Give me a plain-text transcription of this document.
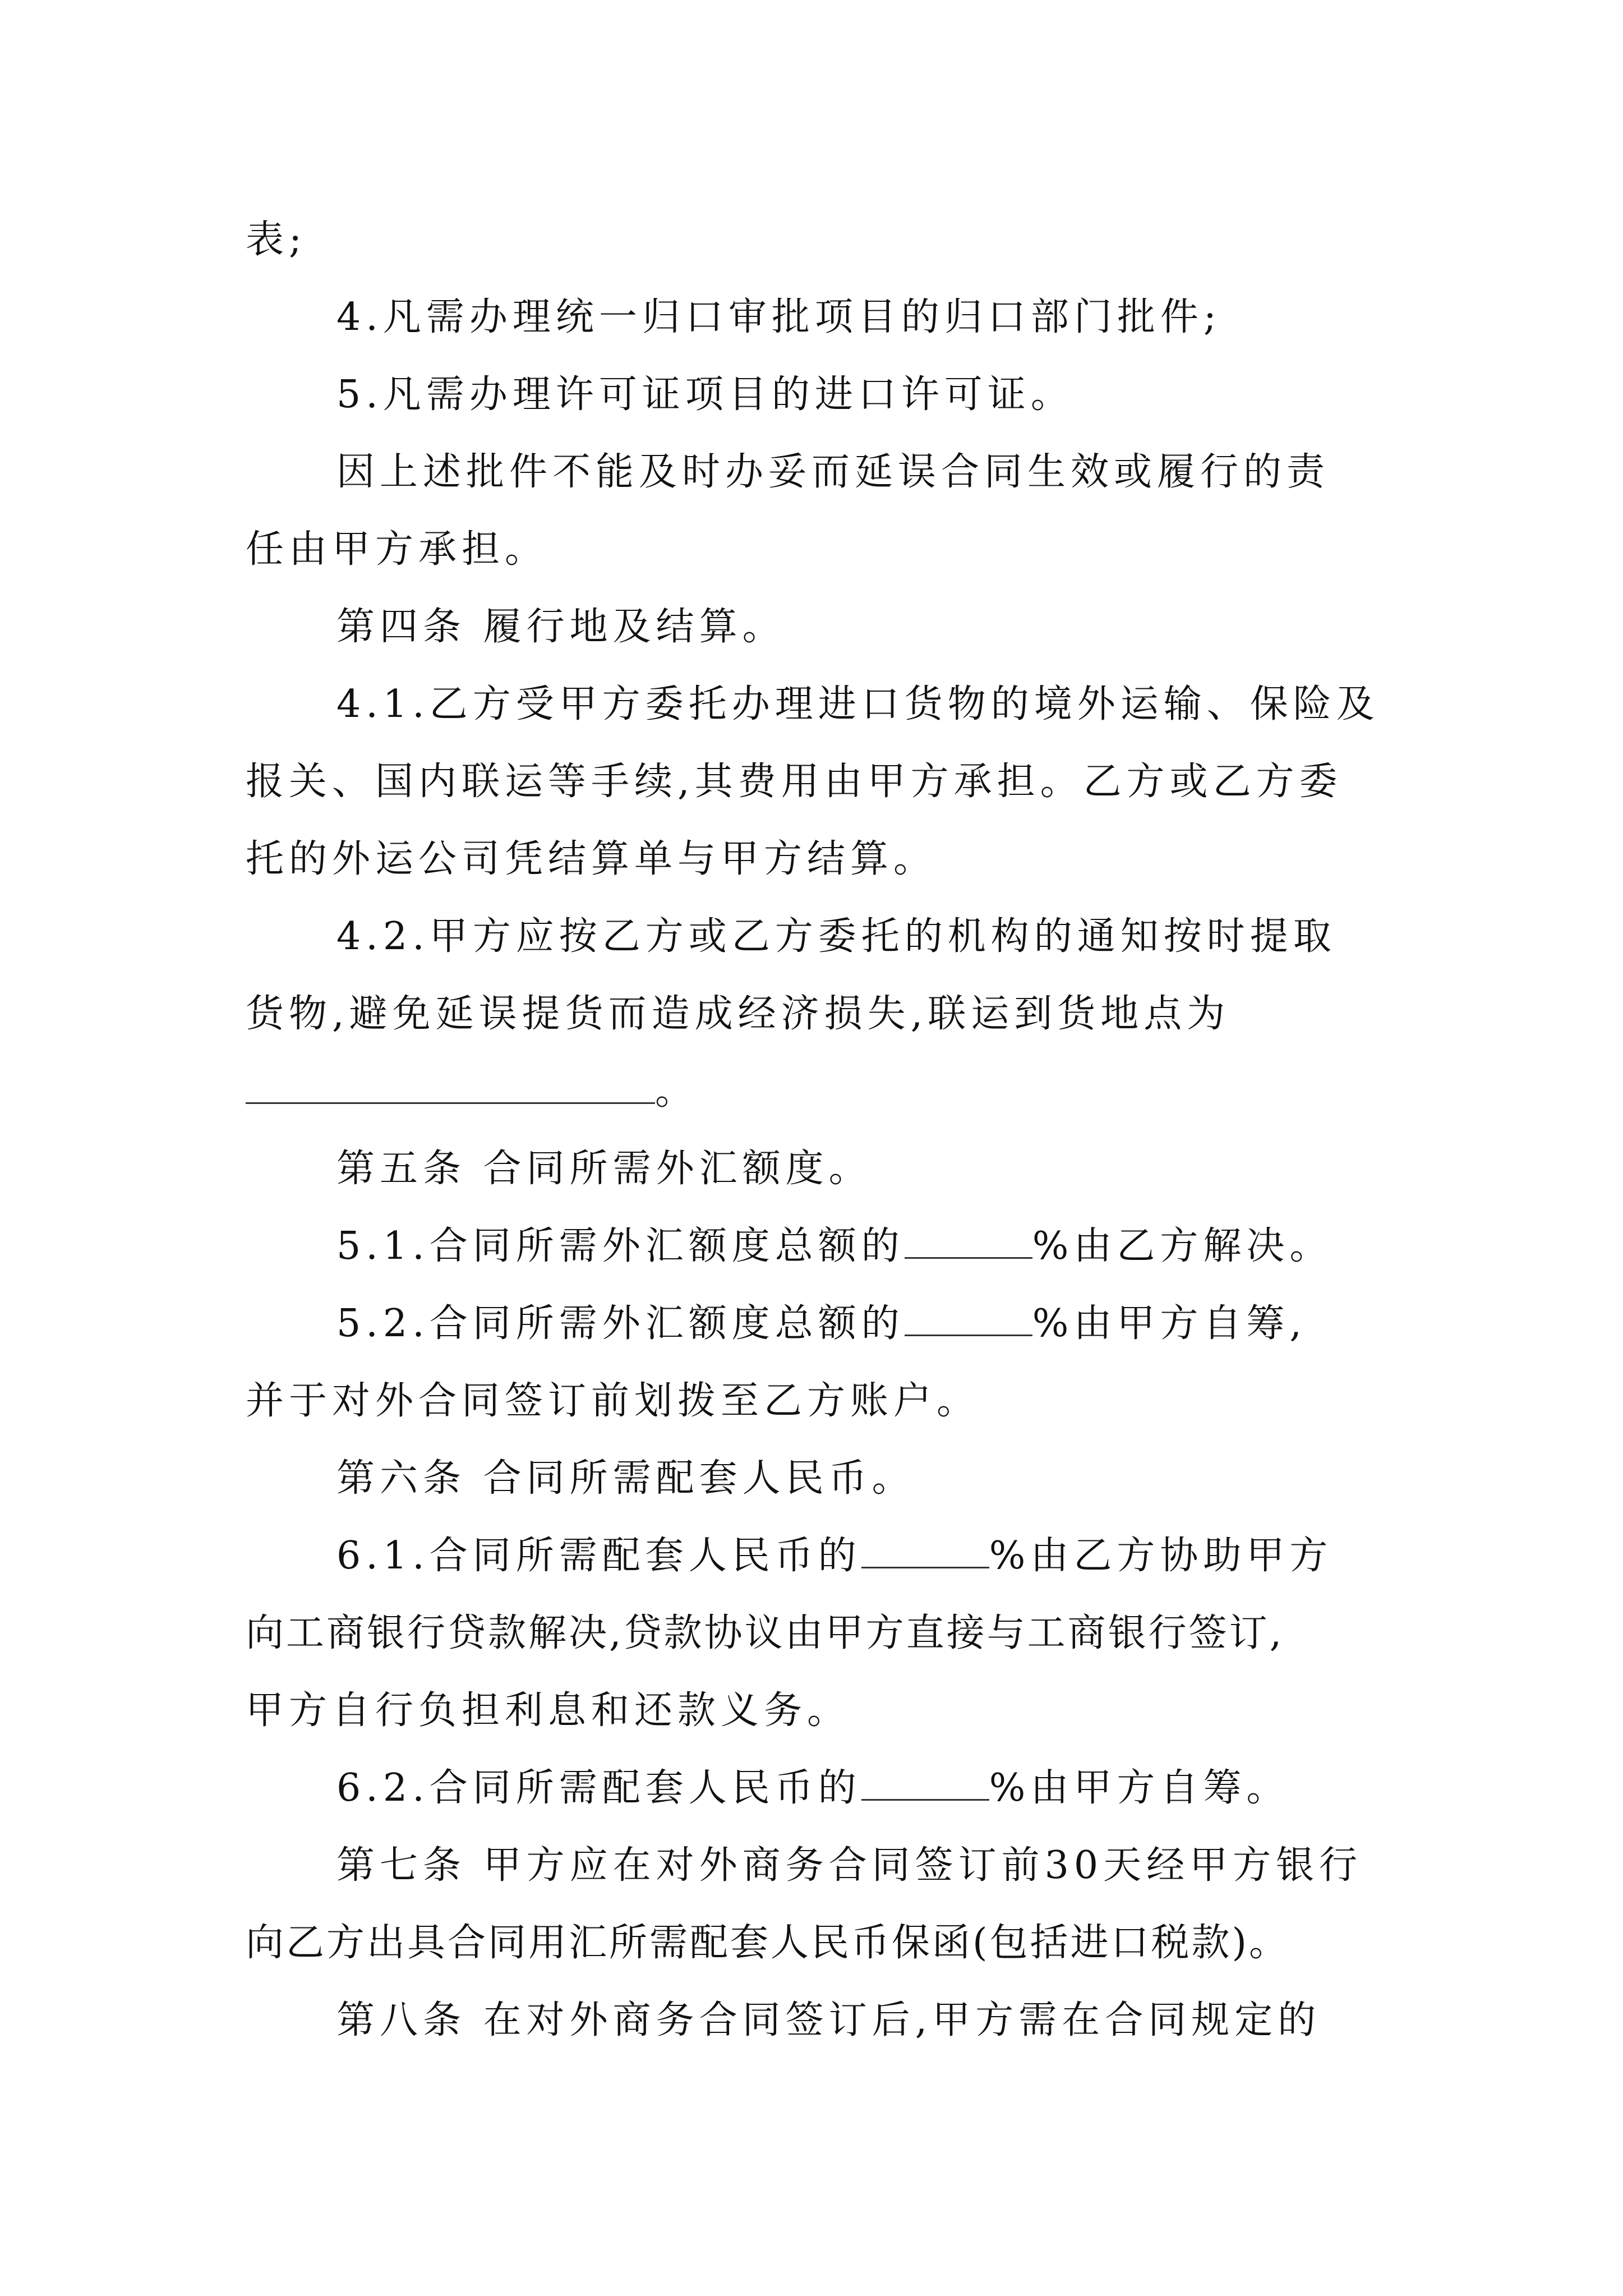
表;

4.凡需办理统一归口审批项目的归口部门批件;

5.凡需办理许可证项目的进口许可证。

因上述批件不能及时办妥而延误合同生效或履行的责

任由甲方承担。

第四条 履行地及结算。

4.1.乙方受甲方委托办理进口货物的境外运输、保险及

报关、国内联运等手续,其费用由甲方承担。乙方或乙方委

托的外运公司凭结算单与甲方结算。

4.2.甲方应按乙方或乙方委托的机构的通知按时提取

货物,避免延误提货而造成经济损失,联运到货地点为

。

第五条 合同所需外汇额度。

5.1.合同所需外汇额度总额的	%由乙方解决。

5.2.合同所需外汇额度总额的	%由甲方自筹,

并于对外合同签订前划拨至乙方账户。

第六条 合同所需配套人民币。

6.1.合同所需配套人民币的	%由乙方协助甲方

向工商银行贷款解决,贷款协议由甲方直接与工商银行签订,

甲方自行负担利息和还款义务。

6.2.合同所需配套人民币的	%由甲方自筹。

第七条 甲方应在对外商务合同签订前30天经甲方银行

向乙方出具合同用汇所需配套人民币保函(包括进口税款)。

第八条 在对外商务合同签订后,甲方需在合同规定的
